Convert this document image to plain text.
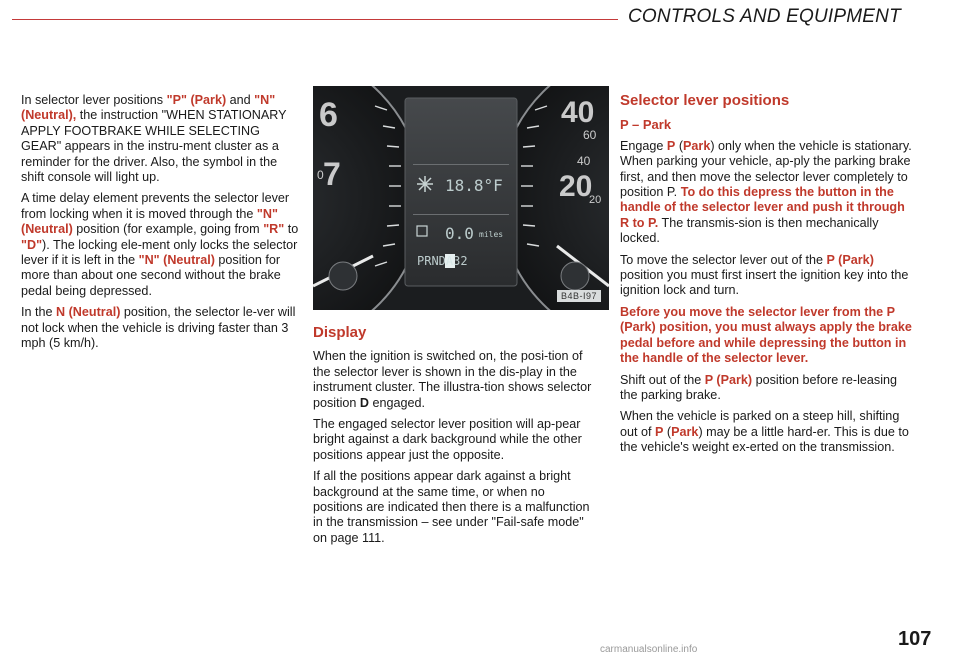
CONTROLS AND EQUIPMENT

In selector lever positions "P" (Park) and "N" (Neutral), the instruction "WHEN STATIONARY APPLY FOOTBRAKE WHILE SELECTING GEAR" appears in the instru-ment cluster as a reminder for the driver. Also, the symbol in the shift console will light up.

A time delay element prevents the selector lever from locking when it is moved through the "N" (Neutral) position (for example, going from "R" to "D"). The locking ele-ment only locks the selector lever if it is left in the "N" (Neutral) position for more than about one second without the brake pedal being depressed.

In the N (Neutral) position, the selector le-ver will not lock when the vehicle is driving faster than 3 mph (5 km/h).

6
7
0
40
60
40
20
20
18.8°F
0.0 miles
PRNDA32
B4B-I97
Display

When the ignition is switched on, the posi-tion of the selector lever is shown in the dis-play in the instrument cluster. The illustra-tion shows selector position D engaged.

The engaged selector lever position will ap-pear bright against a dark background while the other positions appear just the opposite.

If all the positions appear dark against a bright background at the same time, or when no positions are indicated then there is a malfunction in the transmission – see under "Fail-safe mode" on page 111.

Selector lever positions
P – Park

Engage P (Park) only when the vehicle is stationary. When parking your vehicle, ap-ply the parking brake first, and then move the selector lever completely to position P. To do this depress the button in the handle of the selector lever and push it through R to P. The transmis-sion is then mechanically locked.

To move the selector lever out of the P (Park) position you must first insert the ignition key into the ignition lock and turn.

Before you move the selector lever from the P (Park) position, you must always apply the brake pedal before and while depressing the button in the handle of the selector lever.

Shift out of the P (Park) position before re-leasing the parking brake.

When the vehicle is parked on a steep hill, shifting out of P (Park) may be a little hard-er. This is due to the vehicle's weight ex-erted on the transmission.

107
carmanualsonline.info
